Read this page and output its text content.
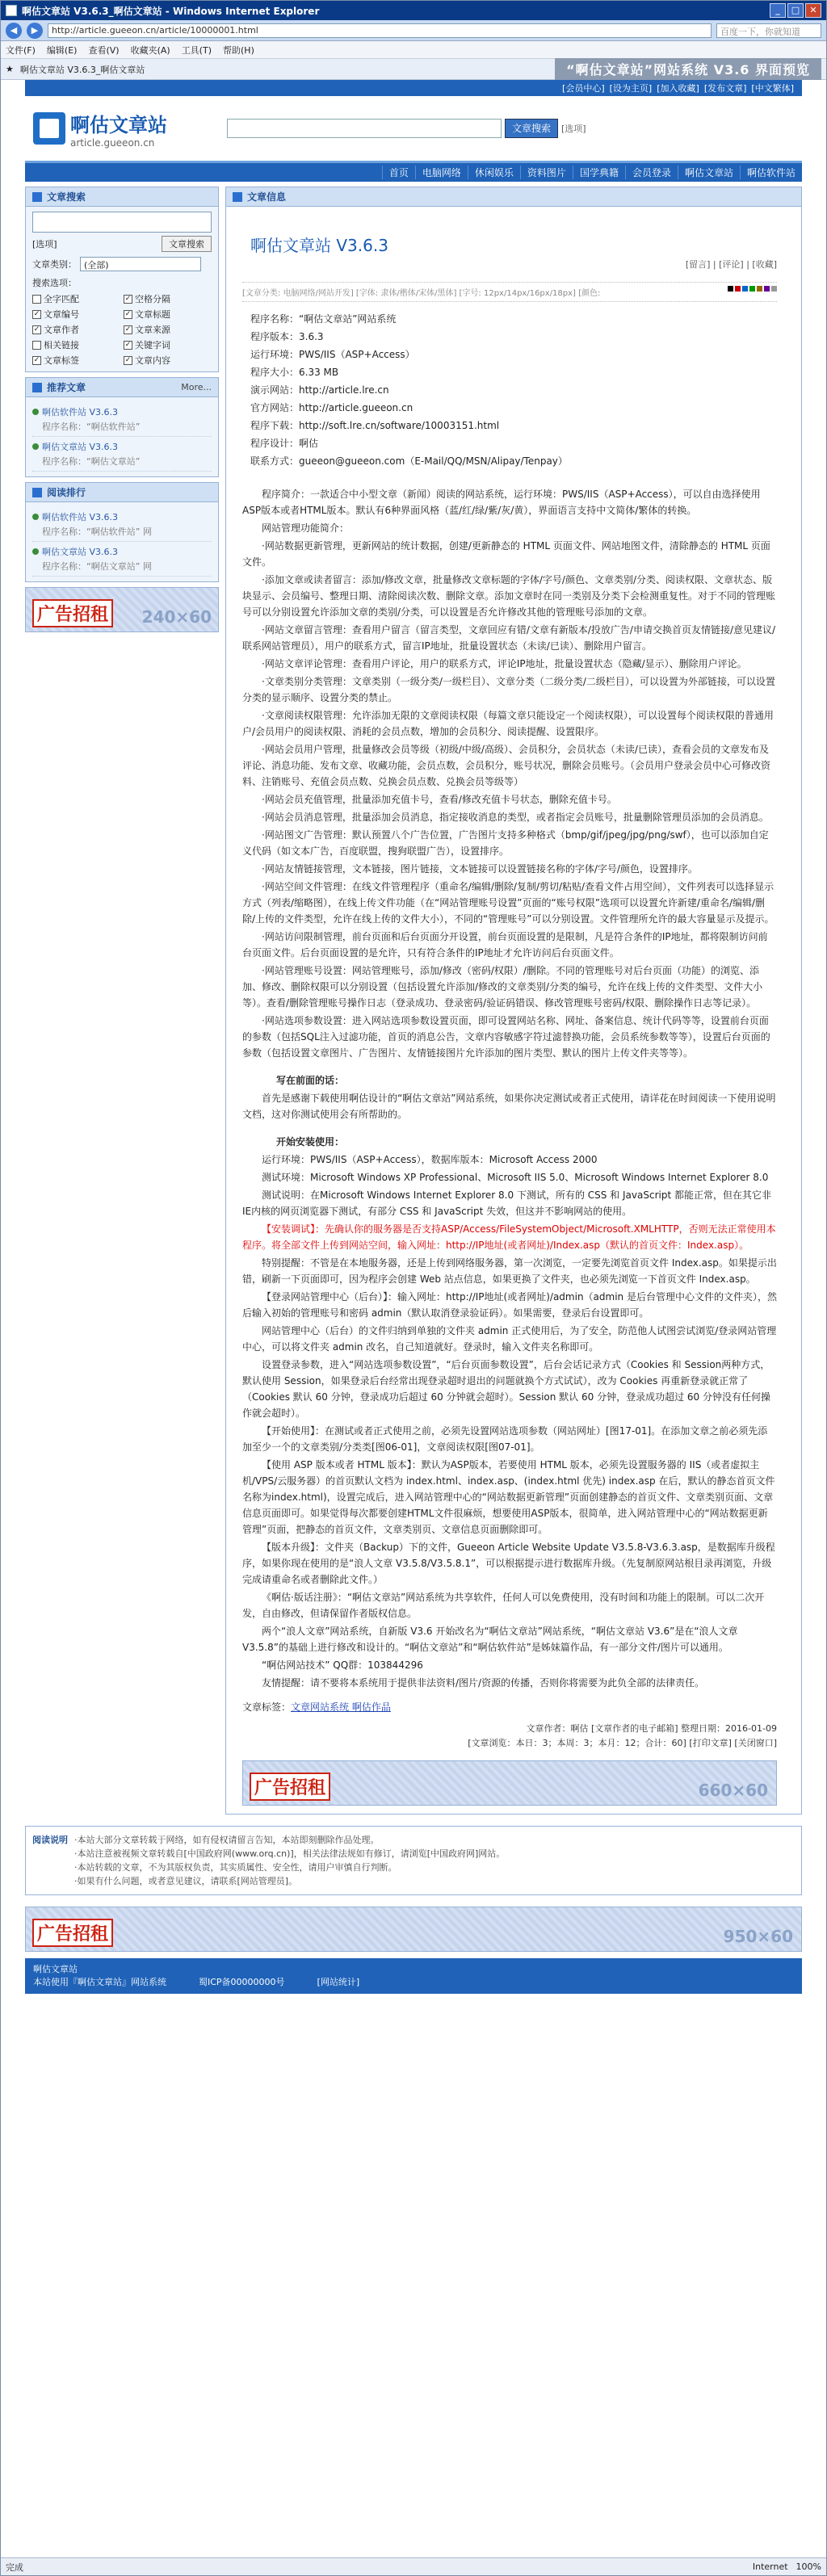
啊估文章站 V3.6.3_啊估文章站 - Windows Internet Explorer	_	□	✕
◀	▶	http://article.gueeon.cn/article/10000001.html	百度一下，你就知道
文件(F) 编辑(E) 查看(V) 收藏夹(A) 工具(T) 帮助(H)
★ 啊估文章站 V3.6.3_啊估文章站	“啊估文章站”网站系统 V3.6 界面预览
[会员中心] [设为主页] [加入收藏] [发布文章] [中文繁体]
啊估文章站
article.gueeon.cn
文章搜索	[选项]
首页	电脑网络	休闲娱乐	资料图片	国学典籍	会员登录	啊估文章站	啊估软件站
文章搜索
[选项]	文章搜索
文章类别： (全部)
搜索选项：
全字匹配	✓ 空格分隔
✓ 文章编号	✓ 文章标题
✓ 文章作者	✓ 文章来源
相关链接	✓ 关键字词
✓ 文章标签	✓ 文章内容
推荐文章	More...
啊估软件站 V3.6.3
程序名称：“啊估软件站”
啊估文章站 V3.6.3
程序名称：“啊估文章站”
阅读排行
啊估软件站 V3.6.3
程序名称：“啊估软件站” 网
啊估文章站 V3.6.3
程序名称：“啊估文章站” 网
广告招租	240×60
文章信息
啊估文章站 V3.6.3
[留言] | [评论] | [收藏]
[文章分类: 电脑网络/网站开发] [字体: 隶体/楷体/宋体/黑体] [字号: 12px/14px/16px/18px] [颜色:
程序名称：“啊估文章站”网站系统
程序版本：3.6.3
运行环境：PWS/IIS（ASP+Access）
程序大小：6.33 MB
演示网站：http://article.lre.cn
官方网站：http://article.gueeon.cn
程序下载：http://soft.lre.cn/software/10003151.html
程序设计：啊估
联系方式：gueeon@gueeon.com（E-Mail/QQ/MSN/Alipay/Tenpay）
程序简介：一款适合中小型文章（新闻）阅读的网站系统，运行环境：PWS/IIS（ASP+Access），可以自由选择使用ASP版本或者HTML版本。默认有6种界面风格（蓝/红/绿/紫/灰/黄），界面语言支持中文简体/繁体的转换。
网站管理功能简介：
·网站数据更新管理，更新网站的统计数据，创建/更新静态的 HTML 页面文件、网站地图文件，清除静态的 HTML 页面文件。
·添加文章或读者留言：添加/修改文章，批量修改文章标题的字体/字号/颜色、文章类别/分类、阅读权限、文章状态、版块显示、会员编号、整理日期、清除阅读次数、删除文章。添加文章时在同一类别及分类下会检测重复性。对于不同的管理账号可以分别设置允许添加文章的类别/分类，可以设置是否允许修改其他的管理账号添加的文章。
·网站文章留言管理：查看用户留言（留言类型，文章回应有错/文章有新版本/投放广告/申请交换首页友情链接/意见建议/联系网站管理员），用户的联系方式，留言IP地址，批量设置状态（未读/已读）、删除用户留言。
·网站文章评论管理：查看用户评论，用户的联系方式，评论IP地址，批量设置状态（隐藏/显示）、删除用户评论。
·文章类别分类管理：文章类别（一级分类/一级栏目）、文章分类（二级分类/二级栏目），可以设置为外部链接，可以设置分类的显示顺序、设置分类的禁止。
·文章阅读权限管理：允许添加无限的文章阅读权限（每篇文章只能设定一个阅读权限），可以设置每个阅读权限的普通用户/会员用户的阅读权限、消耗的会员点数，增加的会员积分、阅读提醒、设置限序。
·网站会员用户管理，批量修改会员等级（初级/中级/高级）、会员积分，会员状态（未读/已读），查看会员的文章发布及评论、消息功能、发布文章、收藏功能，会员点数，会员积分，账号状况，删除会员账号。（会员用户登录会员中心可修改资料、注销账号、充值会员点数、兑换会员点数、兑换会员等级等）
·网站会员充值管理，批量添加充值卡号，查看/修改充值卡号状态，删除充值卡号。
·网站会员消息管理，批量添加会员消息，指定接收消息的类型，或者指定会员账号，批量删除管理员添加的会员消息。
·网站图文广告管理：默认预置八个广告位置，广告图片支持多种格式（bmp/gif/jpeg/jpg/png/swf），也可以添加自定义代码（如文本广告，百度联盟，搜狗联盟广告），设置排序。
·网站友情链接管理，文本链接，图片链接，文本链接可以设置链接名称的字体/字号/颜色，设置排序。
·网站空间文件管理：在线文件管理程序（重命名/编辑/删除/复制/剪切/粘贴/查看文件占用空间），文件列表可以选择显示方式（列表/缩略图），在线上传文件功能（在“网站管理账号设置”页面的“账号权限”选项可以设置允许新建/重命名/编辑/删除/上传的文件类型，允许在线上传的文件大小），不同的“管理账号”可以分别设置。文件管理所允许的最大容量显示及提示。
·网站访问限制管理，前台页面和后台页面分开设置，前台页面设置的是限制，凡是符合条件的IP地址，都将限制访问前台页面文件。后台页面设置的是允许，只有符合条件的IP地址才允许访问后台页面文件。
·网站管理账号设置：网站管理账号，添加/修改（密码/权限）/删除。不同的管理账号对后台页面（功能）的浏览、添加、修改、删除权限可以分别设置（包括设置允许添加/修改的文章类别/分类的编号，允许在线上传的文件类型、文件大小等）。查看/删除管理账号操作日志（登录成功、登录密码/验证码错误、修改管理账号密码/权限、删除操作日志等记录）。
·网站选项参数设置：进入网站选项参数设置页面，即可设置网站名称、网址、备案信息、统计代码等等，设置前台页面的参数（包括SQL注入过滤功能，首页的消息公告，文章内容敏感字符过滤替换功能，会员系统参数等等），设置后台页面的参数（包括设置文章图片、广告图片、友情链接图片允许添加的图片类型、默认的图片上传文件夹等等）。
写在前面的话：
首先是感谢下载使用啊估设计的“啊估文章站”网站系统，如果你决定测试或者正式使用，请详花在时间阅读一下使用说明文档，这对你测试使用会有所帮助的。
开始安装使用：
运行环境：PWS/IIS（ASP+Access），数据库版本：Microsoft Access 2000
测试环境：Microsoft Windows XP Professional、Microsoft IIS 5.0、Microsoft Windows Internet Explorer 8.0
测试说明：在Microsoft Windows Internet Explorer 8.0 下测试，所有的 CSS 和 JavaScript 都能正常，但在其它非IE内核的网页浏览器下测试，有部分 CSS 和 JavaScript 失效，但这并不影响网站的使用。
【安装调试】：先确认你的服务器是否支持ASP/Access/FileSystemObject/Microsoft.XMLHTTP，否则无法正常使用本程序。将全部文件上传到网站空间，输入网址：http://IP地址(或者网址)/Index.asp（默认的首页文件：Index.asp）。
特别提醒：不管是在本地服务器，还是上传到网络服务器，第一次浏览，一定要先浏览首页文件 Index.asp。如果提示出错，刷新一下页面即可，因为程序会创建 Web 站点信息，如果更换了文件夹，也必须先浏览一下首页文件 Index.asp。
【登录网站管理中心（后台）】：输入网址：http://IP地址(或者网址)/admin（admin 是后台管理中心文件的文件夹），然后输入初始的管理账号和密码 admin（默认取消登录验证码）。如果需要，登录后台设置即可。
网站管理中心（后台）的文件归纳到单独的文件夹 admin 正式使用后，为了安全，防范他人试图尝试浏览/登录网站管理中心，可以将文件夹 admin 改名，自己知道就好。登录时，输入文件夹名称即可。
设置登录参数，进入“网站选项参数设置”，“后台页面参数设置”，后台会话记录方式（Cookies 和 Session两种方式，默认使用 Session，如果登录后台经常出现登录超时退出的问题就换个方式试试），改为 Cookies 再重新登录就正常了（Cookies 默认 60 分钟，登录成功后超过 60 分钟就会超时）。Session 默认 60 分钟，登录成功超过 60 分钟没有任何操作就会超时）。
【开始使用】：在测试或者正式使用之前，必须先设置网站选项参数（网站网址）[图17-01]。在添加文章之前必须先添加至少一个的文章类别/分类类[图06-01]，文章阅读权限[图07-01]。
【使用 ASP 版本或者 HTML 版本】：默认为ASP版本，若要使用 HTML 版本，必须先设置服务器的 IIS（或者虚拟主机/VPS/云服务器）的首页默认文档为 index.html、index.asp、(index.html 优先) index.asp 在后，默认的静态首页文件名称为index.html)，设置完成后，进入网站管理中心的“网站数据更新管理”页面创建静态的首页文件、文章类别页面、文章信息页面即可。如果觉得每次都要创建HTML文件很麻烦，想要使用ASP版本，很简单，进入网站管理中心的“网站数据更新管理”页面，把静态的首页文件，文章类别页、文章信息页面删除即可。
【版本升级】：文件夹（Backup）下的文件，Gueeon Article Website Update V3.5.8-V3.6.3.asp，是数据库升级程序，如果你现在使用的是“浪人文章 V3.5.8/V3.5.8.1”，可以根据提示进行数据库升级。（先复制原网站根目录再浏览，升级完成请重命名或者删除此文件。）
《啊估·版话注册》：“啊估文章站”网站系统为共享软件，任何人可以免费使用，没有时间和功能上的限制。可以二次开发，自由修改，但请保留作者版权信息。
两个“浪人文章”网站系统，自新版 V3.6 开始改名为“啊估文章站”网站系统，“啊估文章站 V3.6”是在“浪人文章 V3.5.8”的基础上进行修改和设计的。“啊估文章站”和“啊估软件站”是姊妹篇作品，有一部分文件/图片可以通用。
“啊估网站技术” QQ群：103844296
友情提醒：请不要将本系统用于提供非法资料/图片/资源的传播，否则你将需要为此负全部的法律责任。
文章标签：文章网站系统 啊估作品
文章作者：啊估 [文章作者的电子邮箱] 整理日期：2016-01-09
[文章浏览：本日：3；本周：3；本月：12；合计：60] [打印文章] [关闭窗口]
广告招租	660×60
阅读说明 ·本站大部分文章转载于网络，如有侵权请留言告知，本站即刻删除作品处理。
·本站注意被视频文章转载自[中国政府网(www.orq.cn)]，相关法律法规如有修订，请浏览[中国政府网]网站。
·本站转载的文章，不为其版权负责，其实质属性、安全性，请用户审慎自行判断。
·如果有什么问题，或者意见建议，请联系[网站管理员]。
广告招租	950×60
啊估文章站
本站使用『啊估文章站』网站系统	蜀ICP备00000000号	[网站统计]
完成	Internet 100%
